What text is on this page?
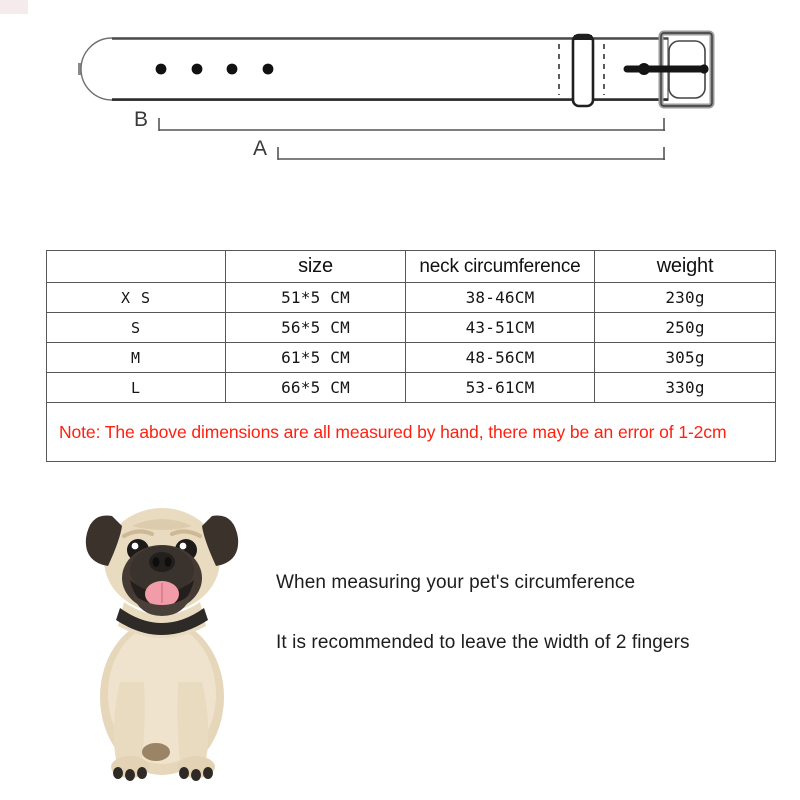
B
A
	size	neck circumference	weight
X S	51*5 CM	38-46CM	230g
S	56*5 CM	43-51CM	250g
M	61*5 CM	48-56CM	305g
L	66*5 CM	53-61CM	330g
Note: The above dimensions are all measured by hand, there may be an error of 1-2cm			

When measuring your pet's circumference

It is recommended to leave the width of 2 fingers
